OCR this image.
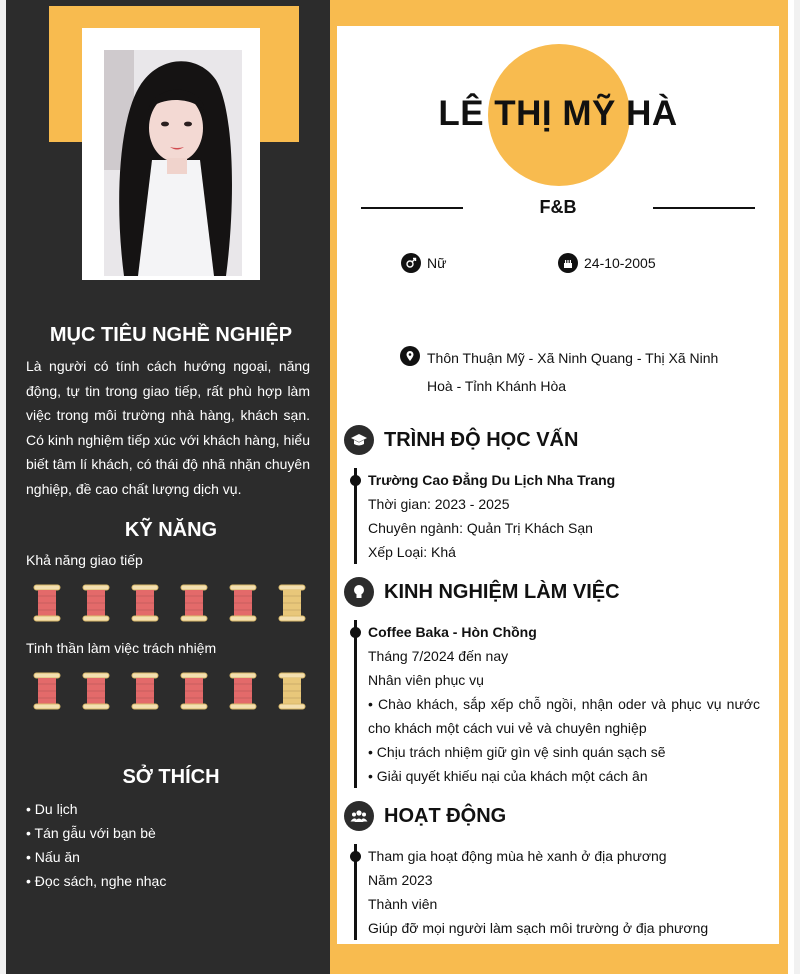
MỤC TIÊU NGHỀ NGHIỆP
Là người có tính cách hướng ngoại, năng động, tự tin trong giao tiếp, rất phù hợp làm việc trong môi trường nhà hàng, khách sạn. Có kinh nghiệm tiếp xúc với khách hàng, hiểu biết tâm lí khách, có thái độ nhã nhặn chuyên nghiệp, đề cao chất lượng dịch vụ.
KỸ NĂNG
Khả năng giao tiếp
Tinh thần làm việc trách nhiệm
SỞ THÍCH
• Du lịch
• Tán gẫu với bạn bè
• Nấu ăn
• Đọc sách, nghe nhạc
LÊ THỊ MỸ HÀ
F&B
Nữ	24-10-2005
Thôn Thuận Mỹ - Xã Ninh Quang - Thị Xã Ninh Hoà - Tỉnh Khánh Hòa
TRÌNH ĐỘ HỌC VẤN
Trường Cao Đẳng Du Lịch Nha Trang
Thời gian: 2023 - 2025
Chuyên ngành: Quản Trị Khách Sạn
Xếp Loại: Khá
KINH NGHIỆM LÀM VIỆC
Coffee Baka - Hòn Chồng
Tháng 7/2024 đến nay
Nhân viên phục vụ
• Chào khách, sắp xếp chỗ ngồi, nhận oder và phục vụ nước cho khách một cách vui vẻ và chuyên nghiệp
• Chịu trách nhiệm giữ gìn vệ sinh quán sạch sẽ
• Giải quyết khiếu nại của khách một cách ân
HOẠT ĐỘNG
Tham gia hoạt động mùa hè xanh ở địa phương
Năm 2023
Thành viên
Giúp đỡ mọi người làm sạch môi trường ở địa phương
